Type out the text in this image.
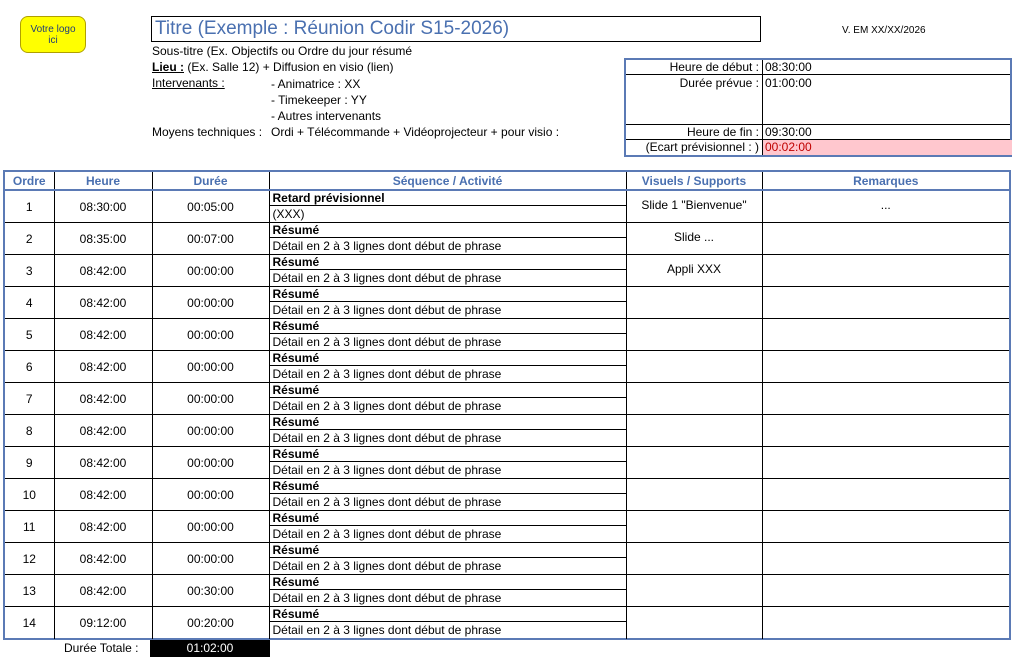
Votre logo ici
Titre (Exemple : Réunion Codir S15-2026)	V. EM XX/XX/2026
Sous-titre (Ex. Objectifs ou Ordre du jour résumé
Lieu : (Ex. Salle 12) + Diffusion en visio (lien)
Intervenants :	- Animatrice : XX
- Timekeeper : YY
- Autres intervenants
Moyens techniques : Ordi + Télécommande + Vidéoprojecteur + pour visio :
Heure de début : 08:30:00
Durée prévue : 01:00:00
Heure de fin : 09:30:00
(Ecart prévisionnel : ) 00:02:00
Ordre	Heure	Durée	Séquence / Activité	Visuels / Supports	Remarques
1	08:30:00	00:05:00	Retard prévisionnel
(XXX)	Slide 1 "Bienvenue"	...
2	08:35:00	00:07:00	Résumé
Détail en 2 à 3 lignes dont début de phrase	Slide ...	
3	08:42:00	00:00:00	Résumé
Détail en 2 à 3 lignes dont début de phrase	Appli XXX	
4	08:42:00	00:00:00	Résumé
Détail en 2 à 3 lignes dont début de phrase		

5	08:42:00	00:00:00	Résumé
Détail en 2 à 3 lignes dont début de phrase		

6	08:42:00	00:00:00	Résumé
Détail en 2 à 3 lignes dont début de phrase		

7	08:42:00	00:00:00	Résumé
Détail en 2 à 3 lignes dont début de phrase		

8	08:42:00	00:00:00	Résumé
Détail en 2 à 3 lignes dont début de phrase		

9	08:42:00	00:00:00	Résumé
Détail en 2 à 3 lignes dont début de phrase		

10	08:42:00	00:00:00	Résumé
Détail en 2 à 3 lignes dont début de phrase		

11	08:42:00	00:00:00	Résumé
Détail en 2 à 3 lignes dont début de phrase		

12	08:42:00	00:00:00	Résumé
Détail en 2 à 3 lignes dont début de phrase		

13	08:42:00	00:30:00	Résumé
Détail en 2 à 3 lignes dont début de phrase		

14	09:12:00	00:20:00	Résumé
Détail en 2 à 3 lignes dont début de phrase		

Durée Totale :	01:02:00
